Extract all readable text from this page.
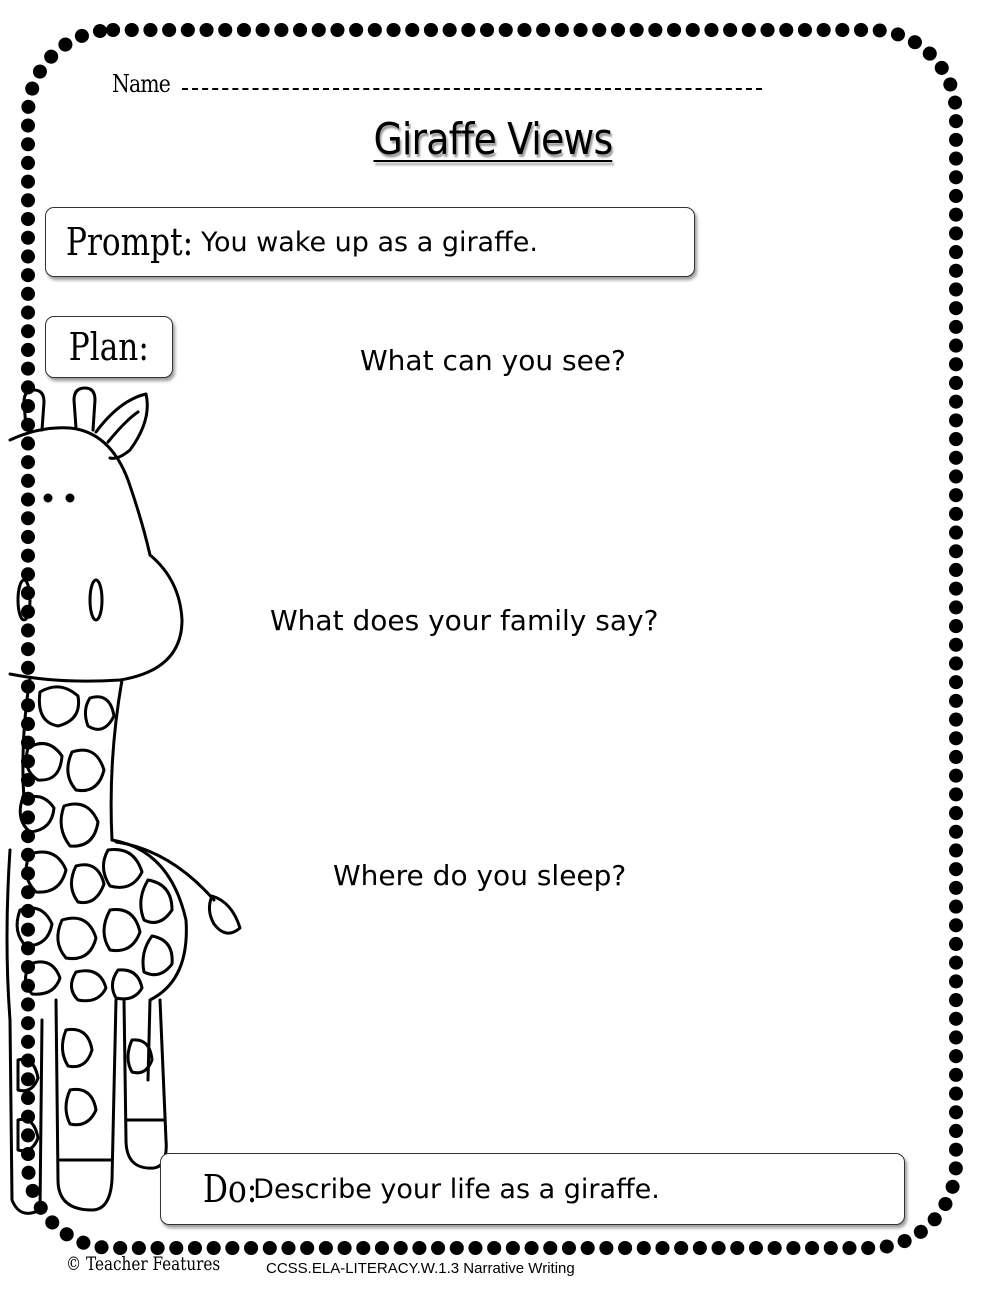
Name
Giraffe Views
Prompt: You wake up as a giraffe.
Plan:	What can you see?
What does your family say?
Where do you sleep?
Do:
Describe your life as a giraffe.
© Teacher Features	CCSS.ELA-LITERACY.W.1.3 Narrative Writing
